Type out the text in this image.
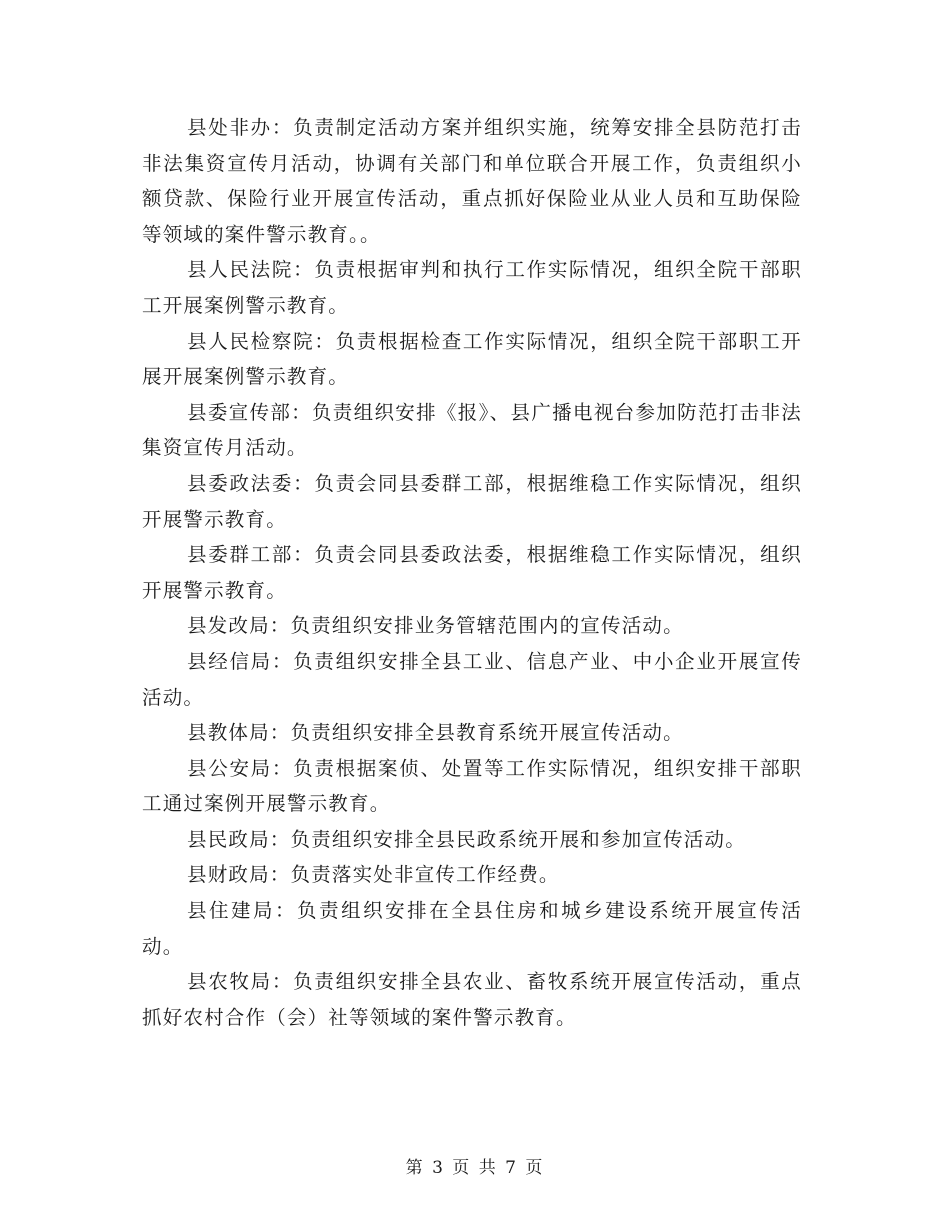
县处非办：负责制定活动方案并组织实施，统筹安排全县防范打击非法集资宣传月活动，协调有关部门和单位联合开展工作，负责组织小额贷款、保险行业开展宣传活动，重点抓好保险业从业人员和互助保险等领域的案件警示教育。。

县人民法院：负责根据审判和执行工作实际情况，组织全院干部职工开展案例警示教育。

县人民检察院：负责根据检查工作实际情况，组织全院干部职工开展开展案例警示教育。

县委宣传部：负责组织安排《报》、县广播电视台参加防范打击非法集资宣传月活动。

县委政法委：负责会同县委群工部，根据维稳工作实际情况，组织开展警示教育。

县委群工部：负责会同县委政法委，根据维稳工作实际情况，组织开展警示教育。

县发改局：负责组织安排业务管辖范围内的宣传活动。

县经信局：负责组织安排全县工业、信息产业、中小企业开展宣传活动。

县教体局：负责组织安排全县教育系统开展宣传活动。

县公安局：负责根据案侦、处置等工作实际情况，组织安排干部职工通过案例开展警示教育。

县民政局：负责组织安排全县民政系统开展和参加宣传活动。

县财政局：负责落实处非宣传工作经费。

县住建局：负责组织安排在全县住房和城乡建设系统开展宣传活动。

县农牧局：负责组织安排全县农业、畜牧系统开展宣传活动，重点抓好农村合作（会）社等领域的案件警示教育。

第 3 页 共 7 页
